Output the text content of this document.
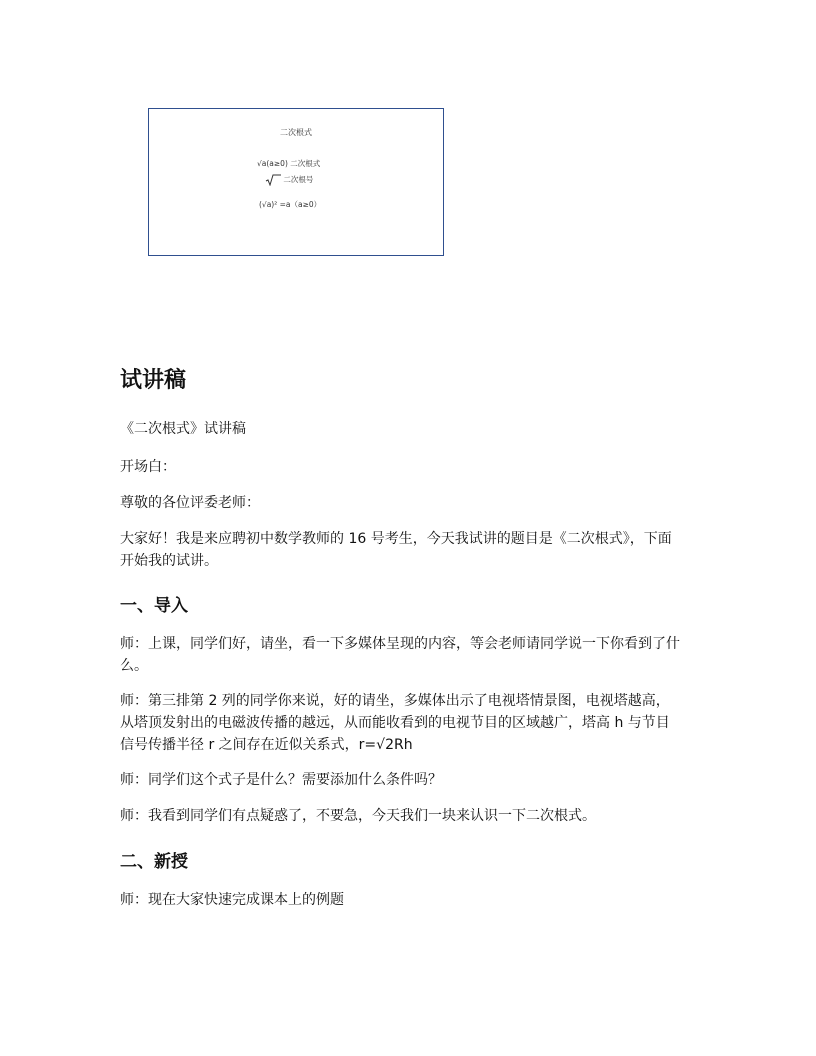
二次根式
√a(a≥0) 二次根式
二次根号
(√a)² =a（a≥0）
试讲稿

《二次根式》试讲稿

开场白：

尊敬的各位评委老师：

大家好！我是来应聘初中数学教师的 16 号考生，今天我试讲的题目是《二次根式》，下面开始我的试讲。

一、导入

师：上课，同学们好，请坐，看一下多媒体呈现的内容，等会老师请同学说一下你看到了什么。

师：第三排第 2 列的同学你来说，好的请坐，多媒体出示了电视塔情景图，电视塔越高，从塔顶发射出的电磁波传播的越远，从而能收看到的电视节目的区域越广，塔高 h 与节目信号传播半径 r 之间存在近似关系式，r=√2Rh

师：同学们这个式子是什么？需要添加什么条件吗？

师：我看到同学们有点疑惑了，不要急，今天我们一块来认识一下二次根式。

二、新授

师：现在大家快速完成课本上的例题
